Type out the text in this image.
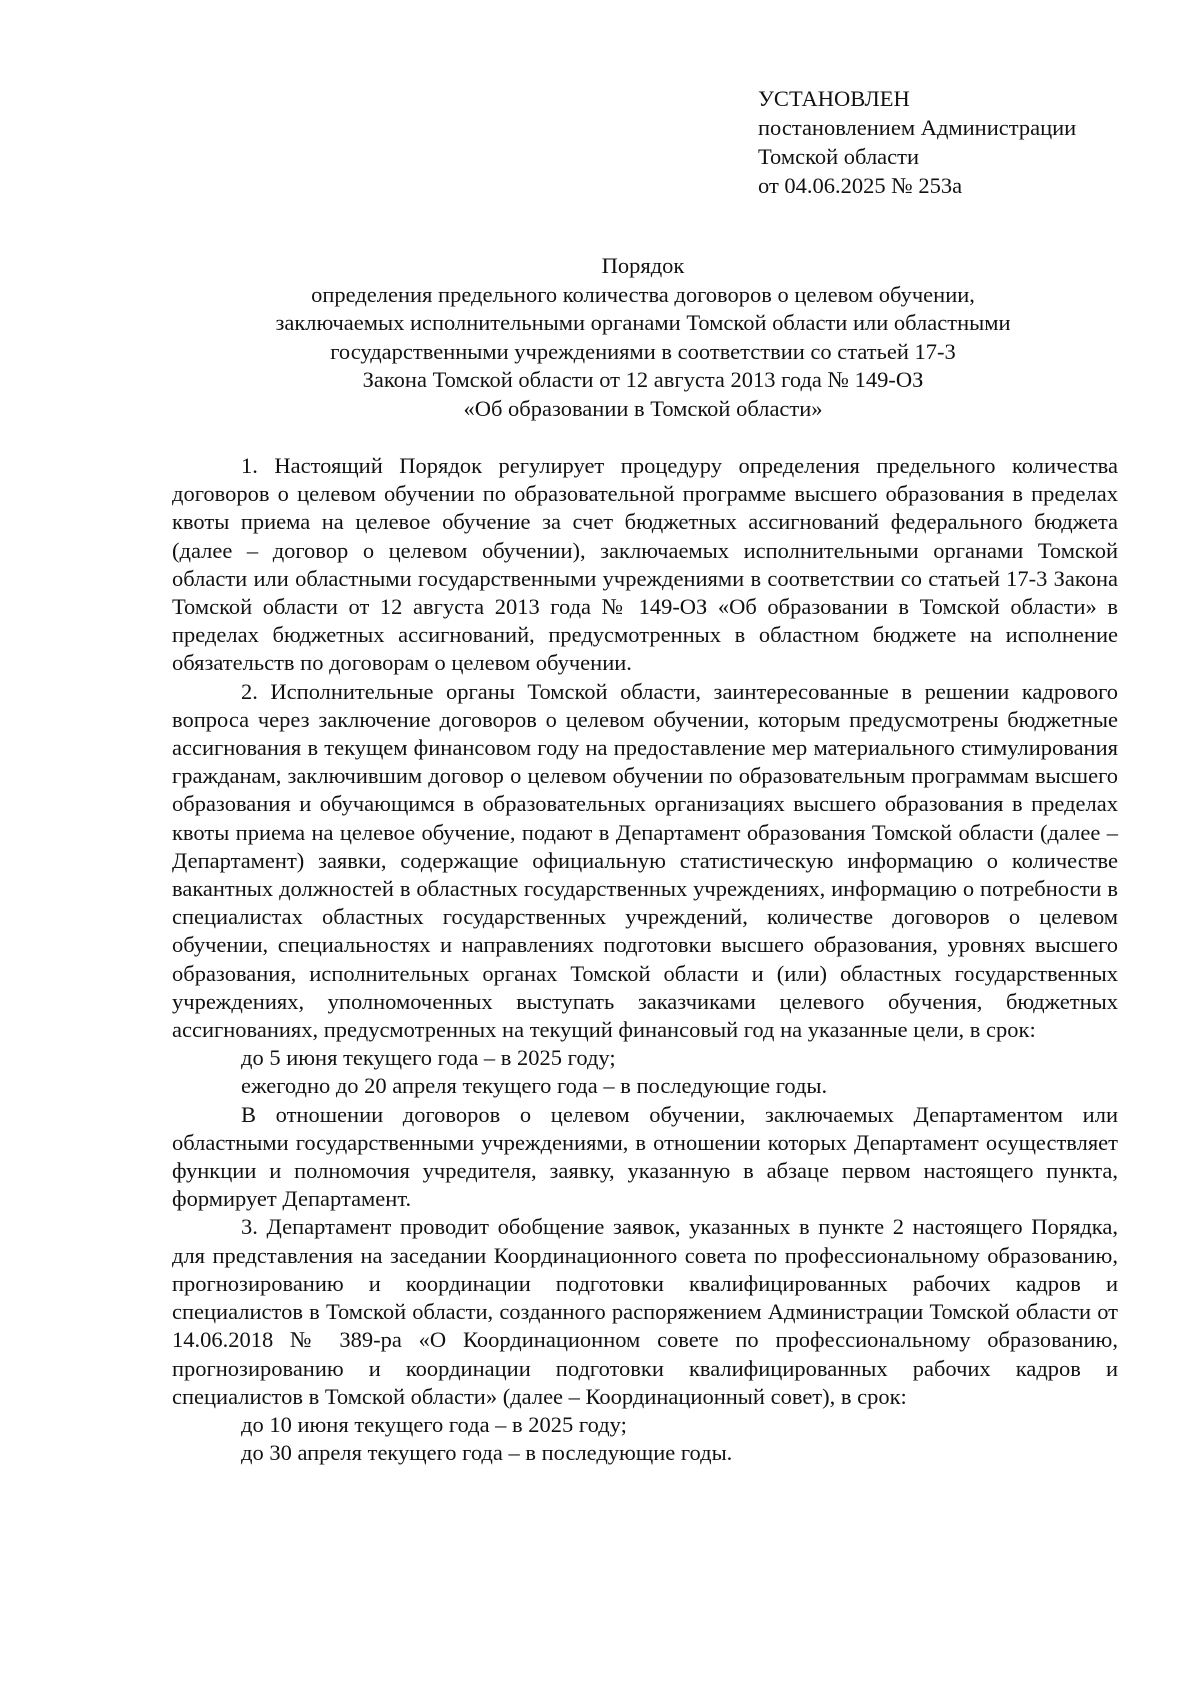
УСТАНОВЛЕН
постановлением Администрации
Томской области
от 04.06.2025 № 253а
Порядок
определения предельного количества договоров о целевом обучении,
заключаемых исполнительными органами Томской области или областными
государственными учреждениями в соответствии со статьей 17-3
Закона Томской области от 12 августа 2013 года № 149-ОЗ
«Об образовании в Томской области»

1. Настоящий Порядок регулирует процедуру определения предельного количества договоров о целевом обучении по образовательной программе высшего образования в пределах квоты приема на целевое обучение за счет бюджетных ассигнований федерального бюджета (далее – договор о целевом обучении), заключаемых исполнительными органами Томской области или областными государственными учреждениями в соответствии со статьей 17-3 Закона Томской области от 12 августа 2013 года № 149-ОЗ «Об образовании в Томской области» в пределах бюджетных ассигнований, предусмотренных в областном бюджете на исполнение обязательств по договорам о целевом обучении.

2. Исполнительные органы Томской области, заинтересованные в решении кадрового вопроса через заключение договоров о целевом обучении, которым предусмотрены бюджетные ассигнования в текущем финансовом году на предоставление мер материального стимулирования гражданам, заключившим договор о целевом обучении по образовательным программам высшего образования и обучающимся в образовательных организациях высшего образования в пределах квоты приема на целевое обучение, подают в Департамент образования Томской области (далее – Департамент) заявки, содержащие официальную статистическую информацию о количестве вакантных должностей в областных государственных учреждениях, информацию о потребности в специалистах областных государственных учреждений, количестве договоров о целевом обучении, специальностях и направлениях подготовки высшего образования, уровнях высшего образования, исполнительных органах Томской области и (или) областных государственных учреждениях, уполномоченных выступать заказчиками целевого обучения, бюджетных ассигнованиях, предусмотренных на текущий финансовый год на указанные цели, в срок:

до 5 июня текущего года – в 2025 году;

ежегодно до 20 апреля текущего года – в последующие годы.

В отношении договоров о целевом обучении, заключаемых Департаментом или областными государственными учреждениями, в отношении которых Департамент осуществляет функции и полномочия учредителя, заявку, указанную в абзаце первом настоящего пункта, формирует Департамент.

3. Департамент проводит обобщение заявок, указанных в пункте 2 настоящего Порядка, для представления на заседании Координационного совета по профессиональному образованию, прогнозированию и координации подготовки квалифицированных рабочих кадров и специалистов в Томской области, созданного распоряжением Администрации Томской области от 14.06.2018 № 389-ра «О Координационном совете по профессиональному образованию, прогнозированию и координации подготовки квалифицированных рабочих кадров и специалистов в Томской области» (далее – Координационный совет), в срок:

до 10 июня текущего года – в 2025 году;

до 30 апреля текущего года – в последующие годы.
